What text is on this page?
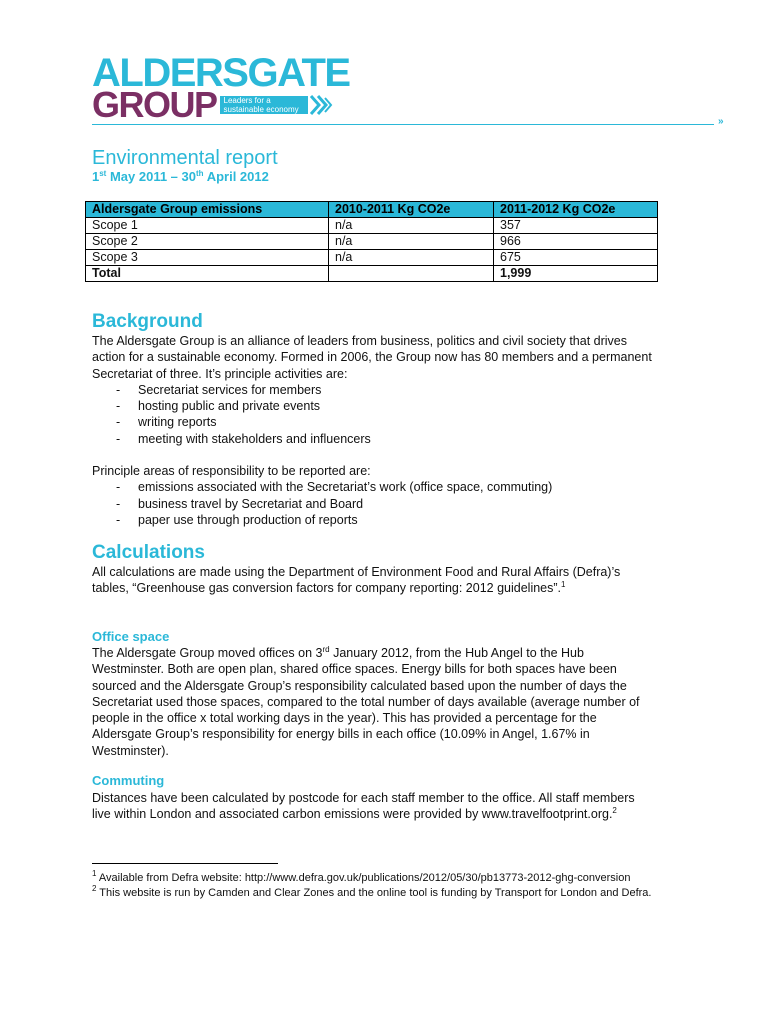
ALDERSGATE
GROUP Leaders for a
sustainable economy
»
Environmental report
1st May 2011 – 30th April 2012
Aldersgate Group emissions	2010-2011 Kg CO2e	2011-2012 Kg CO2e
Scope 1	n/a	357
Scope 2	n/a	966
Scope 3	n/a	675
Total		1,999
Background

The Aldersgate Group is an alliance of leaders from business, politics and civil society that drives action for a sustainable economy. Formed in 2006, the Group now has 80 members and a permanent Secretariat of three. It’s principle activities are:

- Secretariat services for members
- hosting public and private events
- writing reports
- meeting with stakeholders and influencers

Principle areas of responsibility to be reported are:

- emissions associated with the Secretariat’s work (office space, commuting)
- business travel by Secretariat and Board
- paper use through production of reports
Calculations

All calculations are made using the Department of Environment Food and Rural Affairs (Defra)’s tables, “Greenhouse gas conversion factors for company reporting: 2012 guidelines”.$^1$

Office space

The Aldersgate Group moved offices on 3rd January 2012, from the Hub Angel to the Hub Westminster. Both are open plan, shared office spaces. Energy bills for both spaces have been sourced and the Aldersgate Group’s responsibility calculated based upon the number of days the Secretariat used those spaces, compared to the total number of days available (average number of people in the office x total working days in the year). This has provided a percentage for the Aldersgate Group’s responsibility for energy bills in each office (10.09% in Angel, 1.67% in Westminster).

Commuting

Distances have been calculated by postcode for each staff member to the office. All staff members live within London and associated carbon emissions were provided by www.travelfootprint.org.$^2$

$^1$ Available from Defra website: http://www.defra.gov.uk/publications/2012/05/30/pb13773-2012-ghg-conversion

$^2$ This website is run by Camden and Clear Zones and the online tool is funding by Transport for London and Defra.
